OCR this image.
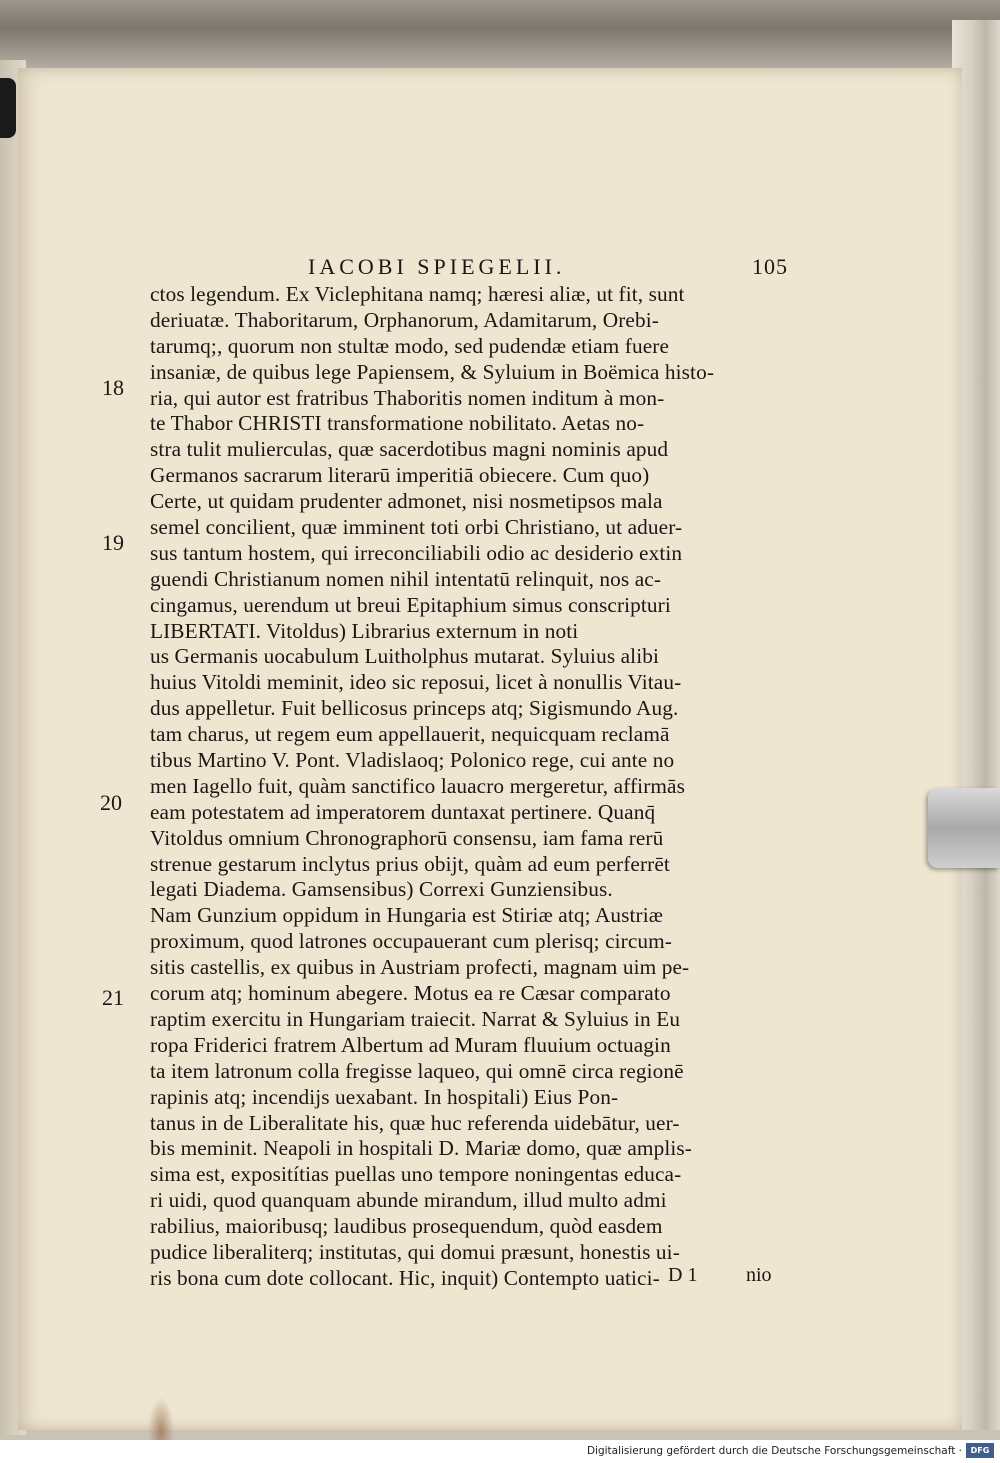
IACOBI SPIEGELII.	105
ctos legendum. Ex Viclephitana namq; hæresi aliæ, ut fit, sunt
deriuatæ. Thaboritarum, Orphanorum, Adamitarum, Orebi-
tarumq;, quorum non stultæ modo, sed pudendæ etiam fuere
insaniæ, de quibus lege Papiensem, & Syluium in Boëmica histo-
ria, qui autor est fratribus Thaboritis nomen inditum à mon-
te Thabor CHRISTI transformatione nobilitato. Aetas no-
stra tulit mulierculas, quæ sacerdotibus magni nominis apud
Germanos sacrarum literarū imperitiā obiecere. Cum quo)
Certe, ut quidam prudenter admonet, nisi nosmetipsos mala
semel concilient, quæ imminent toti orbi Christiano, ut aduer-
sus tantum hostem, qui irreconciliabili odio ac desiderio extin
guendi Christianum nomen nihil intentatū relinquit, nos ac-
cingamus, uerendum ut breui Epitaphium simus conscripturi
LIBERTATI. Vitoldus) Librarius externum in noti
us Germanis uocabulum Luitholphus mutarat. Syluius alibi
huius Vitoldi meminit, ideo sic reposui, licet à nonullis Vitau-
dus appelletur. Fuit bellicosus princeps atq; Sigismundo Aug.
tam charus, ut regem eum appellauerit, nequicquam reclamā
tibus Martino V. Pont. Vladislaoq; Polonico rege, cui ante no
men Iagello fuit, quàm sanctifico lauacro mergeretur, affirmās
eam potestatem ad imperatorem duntaxat pertinere. Quanq̄
Vitoldus omnium Chronographorū consensu, iam fama rerū
strenue gestarum inclytus prius obijt, quàm ad eum perferrēt
legati Diadema. Gamsensibus) Correxi Gunziensibus.
Nam Gunzium oppidum in Hungaria est Stiriæ atq; Austriæ
proximum, quod latrones occupauerant cum plerisq; circum-
sitis castellis, ex quibus in Austriam profecti, magnam uim pe-
corum atq; hominum abegere. Motus ea re Cæsar comparato
raptim exercitu in Hungariam traiecit. Narrat & Syluius in Eu
ropa Friderici fratrem Albertum ad Muram fluuium octuagin
ta item latronum colla fregisse laqueo, qui omnē circa regionē
rapinis atq; incendijs uexabant. In hospitali) Eius Pon-
tanus in de Liberalitate his, quæ huc referenda uidebātur, uer-
bis meminit. Neapoli in hospitali D. Mariæ domo, quæ amplis-
sima est, expositítias puellas uno tempore noningentas educa-
ri uidi, quod quanquam abunde mirandum, illud multo admi
rabilius, maioribusq; laudibus prosequendum, quòd easdem
pudice liberaliterq; institutas, qui domui præsunt, honestis ui-
ris bona cum dote collocant. Hic, inquit) Contempto uatici-
18
19
20
21
D 1 nio
Digitalisierung gefördert durch die Deutsche Forschungsgemeinschaft ·	DFG
